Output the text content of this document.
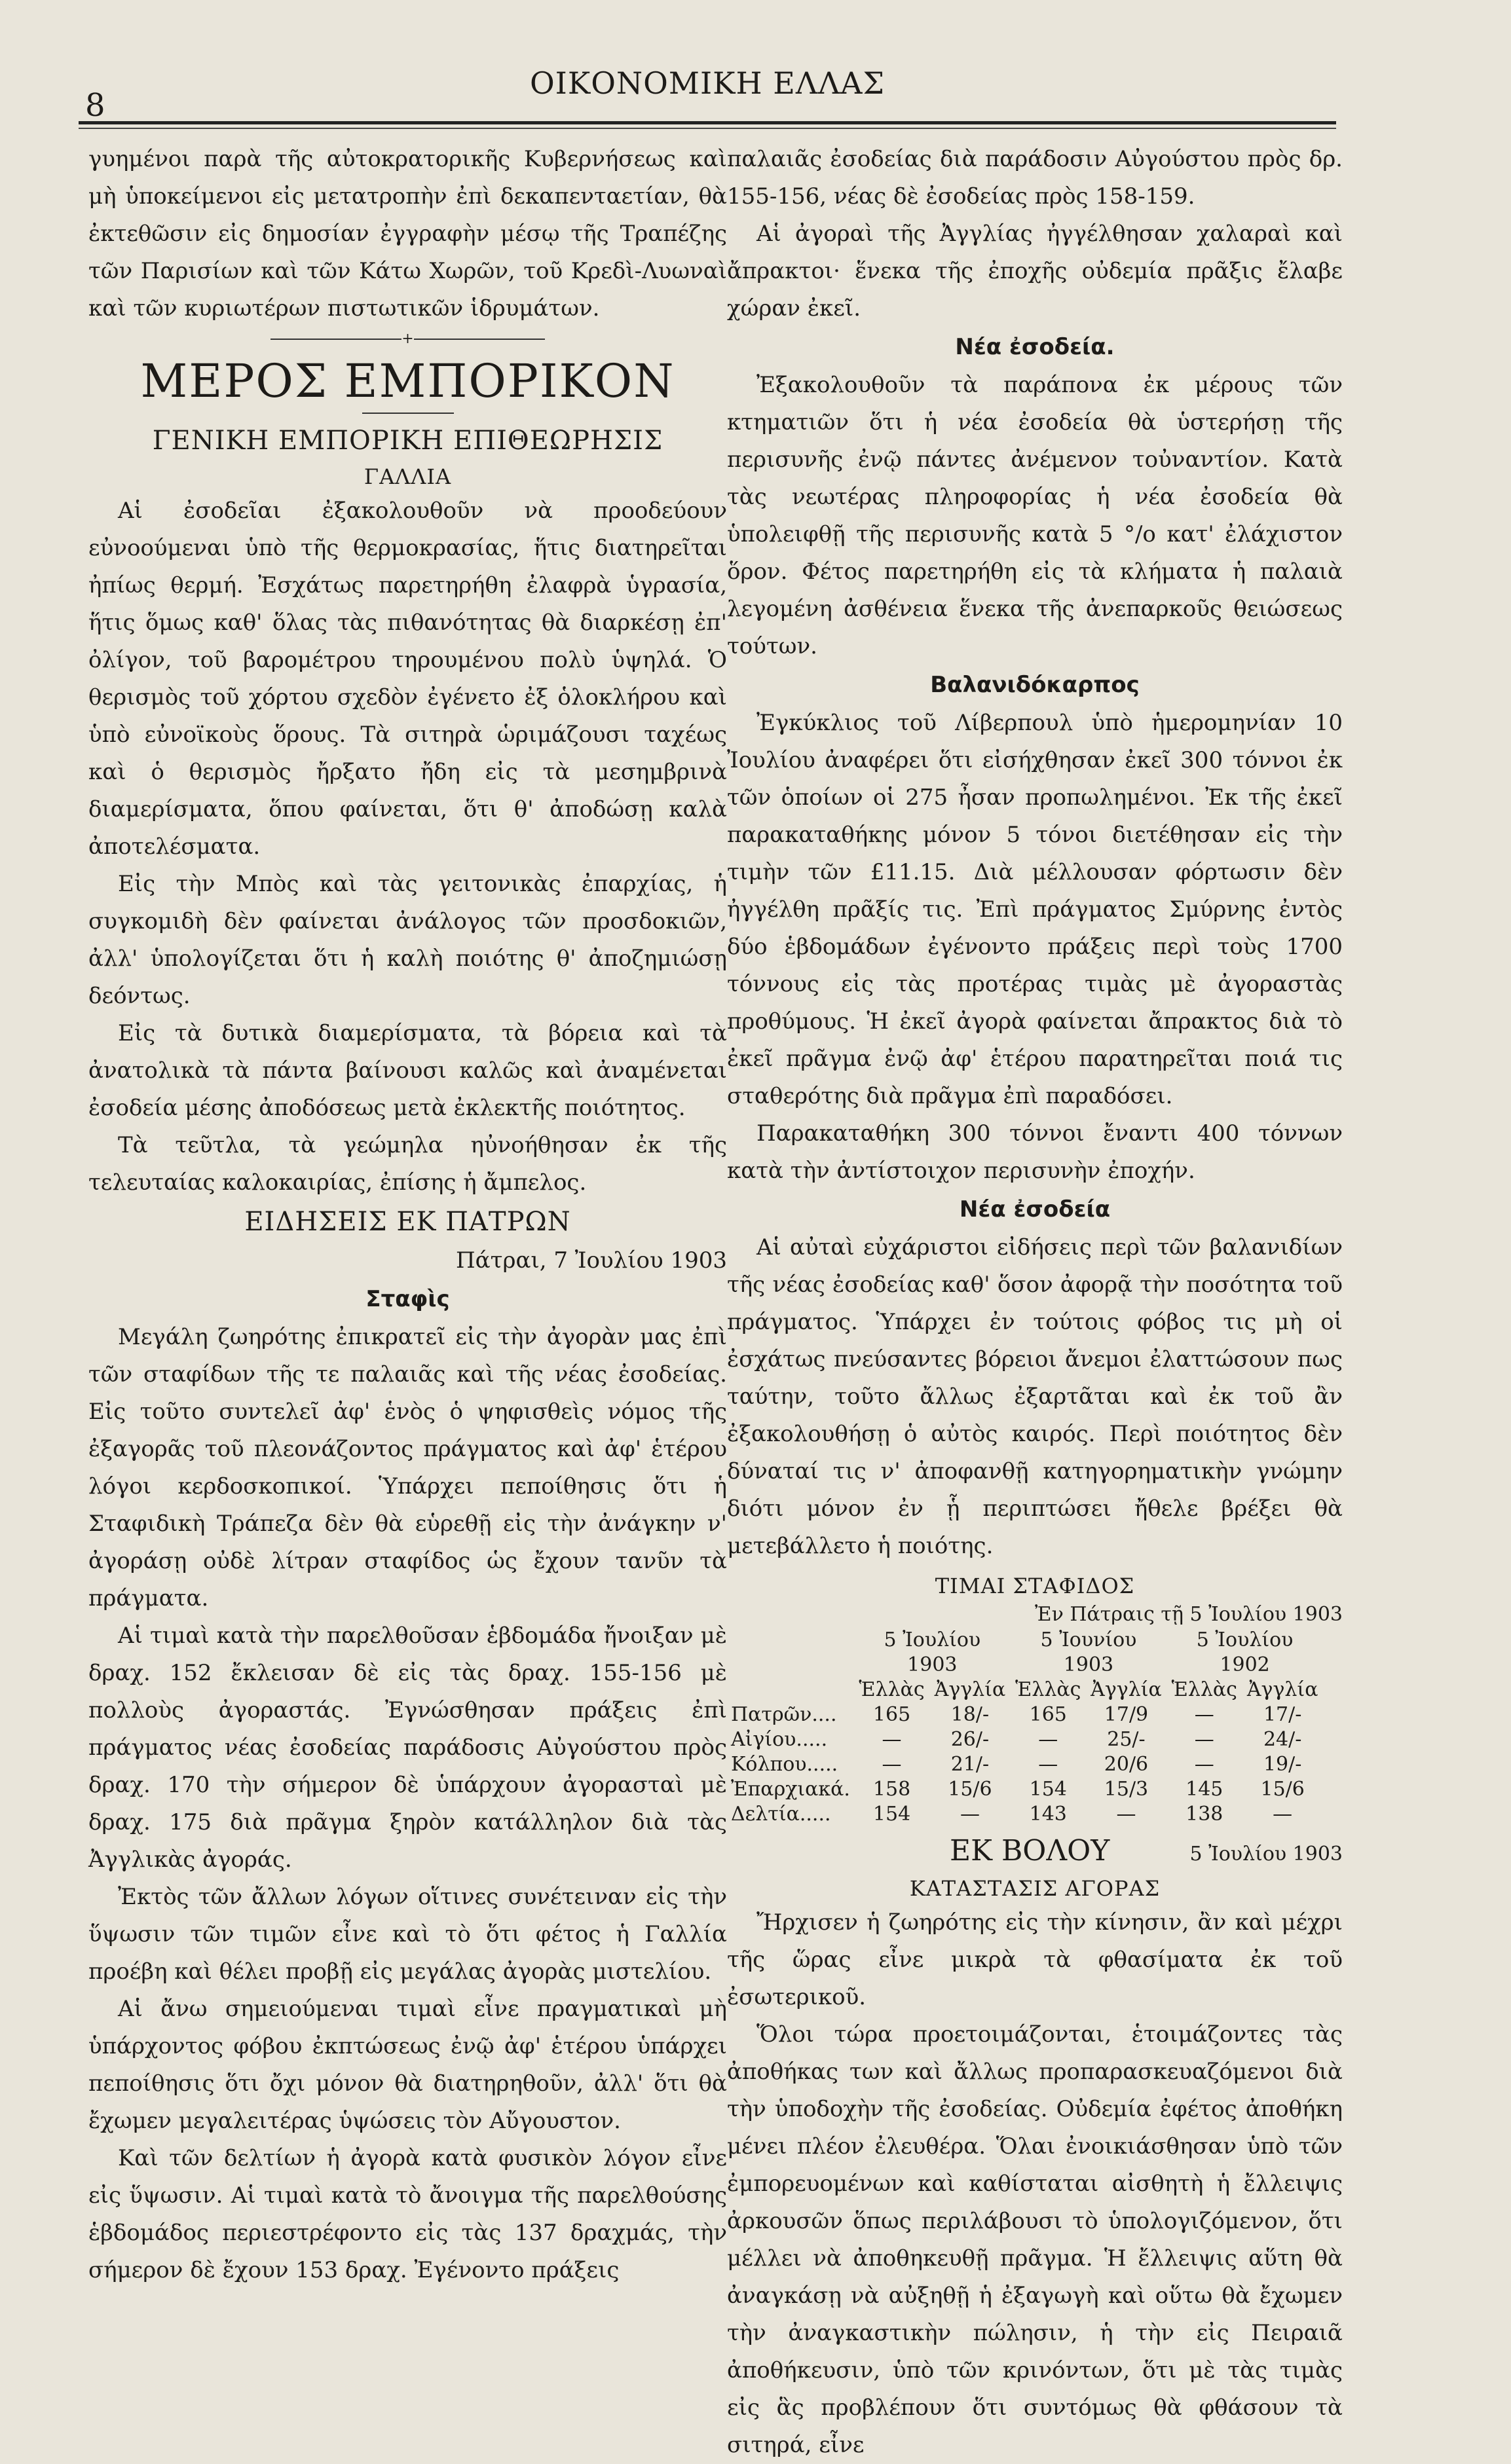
8
ΟΙΚΟΝΟΜΙΚΗ ΕΛΛΑΣ

γυημένοι παρὰ τῆς αὐτοκρατορικῆς Κυβερνήσεως καὶ μὴ ὑποκείμενοι εἰς μετατροπὴν ἐπὶ δεκαπενταετίαν, θὰ ἐκτεθῶσιν εἰς δημοσίαν ἐγγραφὴν μέσῳ τῆς Τραπέζης τῶν Παρισίων καὶ τῶν Κάτω Χωρῶν, τοῦ Κρεδὶ-Λυωναὶ καὶ τῶν κυριωτέρων πιστωτικῶν ἱδρυμάτων.

+

ΜΕΡΟΣ ΕΜΠΟΡΙΚΟΝ

ΓΕΝΙΚΗ ΕΜΠΟΡΙΚΗ ΕΠΙΘΕΩΡΗΣΙΣ

ΓΑΛΛΙΑ

Αἱ ἐσοδεῖαι ἐξακολουθοῦν νὰ προοδεύουν εὐνοούμεναι ὑπὸ τῆς θερμοκρασίας, ἥτις διατηρεῖται ἠπίως θερμή. Ἐσχάτως παρετηρήθη ἐλαφρὰ ὑγρασία, ἥτις ὅμως καθ' ὅλας τὰς πιθανότητας θὰ διαρκέσῃ ἐπ' ὀλίγον, τοῦ βαρομέτρου τηρουμένου πολὺ ὑψηλά. Ὁ θερισμὸς τοῦ χόρτου σχεδὸν ἐγένετο ἐξ ὁλοκλήρου καὶ ὑπὸ εὐνοϊκοὺς ὅρους. Τὰ σιτηρὰ ὡριμάζουσι ταχέως καὶ ὁ θερισμὸς ἤρξατο ἤδη εἰς τὰ μεσημβρινὰ διαμερίσματα, ὅπου φαίνεται, ὅτι θ' ἀποδώσῃ καλὰ ἀποτελέσματα.

Εἰς τὴν Μπὸς καὶ τὰς γειτονικὰς ἐπαρχίας, ἡ συγκομιδὴ δὲν φαίνεται ἀνάλογος τῶν προσδοκιῶν, ἀλλ' ὑπολογίζεται ὅτι ἡ καλὴ ποιότης θ' ἀποζημιώσῃ δεόντως.

Εἰς τὰ δυτικὰ διαμερίσματα, τὰ βόρεια καὶ τὰ ἀνατολικὰ τὰ πάντα βαίνουσι καλῶς καὶ ἀναμένεται ἐσοδεία μέσης ἀποδόσεως μετὰ ἐκλεκτῆς ποιότητος.

Τὰ τεῦτλα, τὰ γεώμηλα ηὐνοήθησαν ἐκ τῆς τελευταίας καλοκαιρίας, ἐπίσης ἡ ἄμπελος.

ΕΙΔΗΣΕΙΣ ΕΚ ΠΑΤΡΩΝ

Πάτραι, 7 Ἰουλίου 1903

Σταφὶς

Μεγάλη ζωηρότης ἐπικρατεῖ εἰς τὴν ἀγορὰν μας ἐπὶ τῶν σταφίδων τῆς τε παλαιᾶς καὶ τῆς νέας ἐσοδείας. Εἰς τοῦτο συντελεῖ ἀφ' ἑνὸς ὁ ψηφισθεὶς νόμος τῆς ἐξαγορᾶς τοῦ πλεονάζοντος πράγματος καὶ ἀφ' ἑτέρου λόγοι κερδοσκοπικοί. Ὑπάρχει πεποίθησις ὅτι ἡ Σταφιδικὴ Τράπεζα δὲν θὰ εὑρεθῇ εἰς τὴν ἀνάγκην ν' ἀγοράσῃ οὐδὲ λίτραν σταφίδος ὡς ἔχουν τανῦν τὰ πράγματα.

Αἱ τιμαὶ κατὰ τὴν παρελθοῦσαν ἑβδομάδα ἤνοιξαν μὲ δραχ. 152 ἔκλεισαν δὲ εἰς τὰς δραχ. 155-156 μὲ πολλοὺς ἀγοραστάς. Ἐγνώσθησαν πράξεις ἐπὶ πράγματος νέας ἐσοδείας παράδοσις Αὐγούστου πρὸς δραχ. 170 τὴν σήμερον δὲ ὑπάρχουν ἀγορασταὶ μὲ δραχ. 175 διὰ πρᾶγμα ξηρὸν κατάλληλον διὰ τὰς Ἀγγλικὰς ἀγοράς.

Ἐκτὸς τῶν ἄλλων λόγων οἵτινες συνέτειναν εἰς τὴν ὕψωσιν τῶν τιμῶν εἶνε καὶ τὸ ὅτι φέτος ἡ Γαλλία προέβη καὶ θέλει προβῇ εἰς μεγάλας ἀγορὰς μιστελίου.

Αἱ ἄνω σημειούμεναι τιμαὶ εἶνε πραγματικαὶ μὴ ὑπάρχοντος φόβου ἐκπτώσεως ἐνῷ ἀφ' ἑτέρου ὑπάρχει πεποίθησις ὅτι ὄχι μόνον θὰ διατηρηθοῦν, ἀλλ' ὅτι θὰ ἔχωμεν μεγαλειτέρας ὑψώσεις τὸν Αὔγουστον.

Καὶ τῶν δελτίων ἡ ἀγορὰ κατὰ φυσικὸν λόγον εἶνε εἰς ὕψωσιν. Αἱ τιμαὶ κατὰ τὸ ἄνοιγμα τῆς παρελθούσης ἑβδομάδος περιεστρέφοντο εἰς τὰς 137 δραχμάς, τὴν σήμερον δὲ ἔχουν 153 δραχ. Ἐγένοντο πράξεις

παλαιᾶς ἐσοδείας διὰ παράδοσιν Αὐγούστου πρὸς δρ. 155-156, νέας δὲ ἐσοδείας πρὸς 158-159.

Αἱ ἀγοραὶ τῆς Ἀγγλίας ἠγγέλθησαν χαλαραὶ καὶ ἄπρακτοι· ἕνεκα τῆς ἐποχῆς οὐδεμία πρᾶξις ἔλαβε χώραν ἐκεῖ.

Νέα ἐσοδεία.

Ἐξακολουθοῦν τὰ παράπονα ἐκ μέρους τῶν κτηματιῶν ὅτι ἡ νέα ἐσοδεία θὰ ὑστερήσῃ τῆς περισυνῆς ἐνῷ πάντες ἀνέμενον τοὐναντίον. Κατὰ τὰς νεωτέρας πληροφορίας ἡ νέα ἐσοδεία θὰ ὑπολειφθῇ τῆς περισυνῆς κατὰ 5 °/o κατ' ἐλάχιστον ὅρον. Φέτος παρετηρήθη εἰς τὰ κλήματα ἡ παλαιὰ λεγομένη ἀσθένεια ἕνεκα τῆς ἀνεπαρκοῦς θειώσεως τούτων.

Βαλανιδόκαρπος

Ἐγκύκλιος τοῦ Λίβερπουλ ὑπὸ ἡμερομηνίαν 10 Ἰουλίου ἀναφέρει ὅτι εἰσήχθησαν ἐκεῖ 300 τόννοι ἐκ τῶν ὁποίων οἱ 275 ἦσαν προπωλημένοι. Ἐκ τῆς ἐκεῖ παρακαταθήκης μόνον 5 τόνοι διετέθησαν εἰς τὴν τιμὴν τῶν £11.15. Διὰ μέλλουσαν φόρτωσιν δὲν ἠγγέλθη πρᾶξίς τις. Ἐπὶ πράγματος Σμύρνης ἐντὸς δύο ἑβδομάδων ἐγένοντο πράξεις περὶ τοὺς 1700 τόννους εἰς τὰς προτέρας τιμὰς μὲ ἀγοραστὰς προθύμους. Ἡ ἐκεῖ ἀγορὰ φαίνεται ἄπρακτος διὰ τὸ ἐκεῖ πρᾶγμα ἐνῷ ἀφ' ἑτέρου παρατηρεῖται ποιά τις σταθερότης διὰ πρᾶγμα ἐπὶ παραδόσει.

Παρακαταθήκη 300 τόννοι ἔναντι 400 τόννων κατὰ τὴν ἀντίστοιχον περισυνὴν ἐποχήν.

Νέα ἐσοδεία

Αἱ αὐταὶ εὐχάριστοι εἰδήσεις περὶ τῶν βαλανιδίων τῆς νέας ἐσοδείας καθ' ὅσον ἀφορᾷ τὴν ποσότητα τοῦ πράγματος. Ὑπάρχει ἐν τούτοις φόβος τις μὴ οἱ ἐσχάτως πνεύσαντες βόρειοι ἄνεμοι ἐλαττώσουν πως ταύτην, τοῦτο ἄλλως ἐξαρτᾶται καὶ ἐκ τοῦ ἂν ἐξακολουθήσῃ ὁ αὐτὸς καιρός. Περὶ ποιότητος δὲν δύναταί τις ν' ἀποφανθῇ κατηγορηματικὴν γνώμην διότι μόνον ἐν ᾗ περιπτώσει ἤθελε βρέξει θὰ μετεβάλλετο ἡ ποιότης.

ΤΙΜΑΙ ΣΤΑΦΙΔΟΣ

Ἐν Πάτραις τῇ 5 Ἰουλίου 1903

	5 Ἰουλίου 1903		5 Ἰουνίου 1903		5 Ἰουλίου 1902	
	Ἑλλὰς	Ἀγγλία	Ἑλλὰς	Ἀγγλία	Ἑλλὰς	Ἀγγλία
Πατρῶν....	165	18/-	165	17/9	—	17/-
Αἰγίου.....	—	26/-	—	25/-	—	24/-
Κόλπου.....	—	21/-	—	20/6	—	19/-
Ἐπαρχιακά.	158	15/6	154	15/3	145	15/6
Δελτία.....	154	—	143	—	138	—
ΕΚ ΒΟΛΟΥ	5 Ἰουλίου 1903

ΚΑΤΑΣΤΑΣΙΣ ΑΓΟΡΑΣ

Ἤρχισεν ἡ ζωηρότης εἰς τὴν κίνησιν, ἂν καὶ μέχρι τῆς ὥρας εἶνε μικρὰ τὰ φθασίματα ἐκ τοῦ ἐσωτερικοῦ.

Ὅλοι τώρα προετοιμάζονται, ἑτοιμάζοντες τὰς ἀποθήκας των καὶ ἄλλως προπαρασκευαζόμενοι διὰ τὴν ὑποδοχὴν τῆς ἐσοδείας. Οὐδεμία ἐφέτος ἀποθήκη μένει πλέον ἐλευθέρα. Ὅλαι ἐνοικιάσθησαν ὑπὸ τῶν ἐμπορευομένων καὶ καθίσταται αἰσθητὴ ἡ ἔλλειψις ἀρκουσῶν ὅπως περιλάβουσι τὸ ὑπολογιζόμενον, ὅτι μέλλει νὰ ἀποθηκευθῇ πρᾶγμα. Ἡ ἔλλειψις αὕτη θὰ ἀναγκάσῃ νὰ αὐξηθῇ ἡ ἐξαγωγὴ καὶ οὕτω θὰ ἔχωμεν τὴν ἀναγκαστικὴν πώλησιν, ἡ τὴν εἰς Πειραιᾶ ἀποθήκευσιν, ὑπὸ τῶν κρινόντων, ὅτι μὲ τὰς τιμὰς εἰς ἃς προβλέπουν ὅτι συντόμως θὰ φθάσουν τὰ σιτηρά, εἶνε
